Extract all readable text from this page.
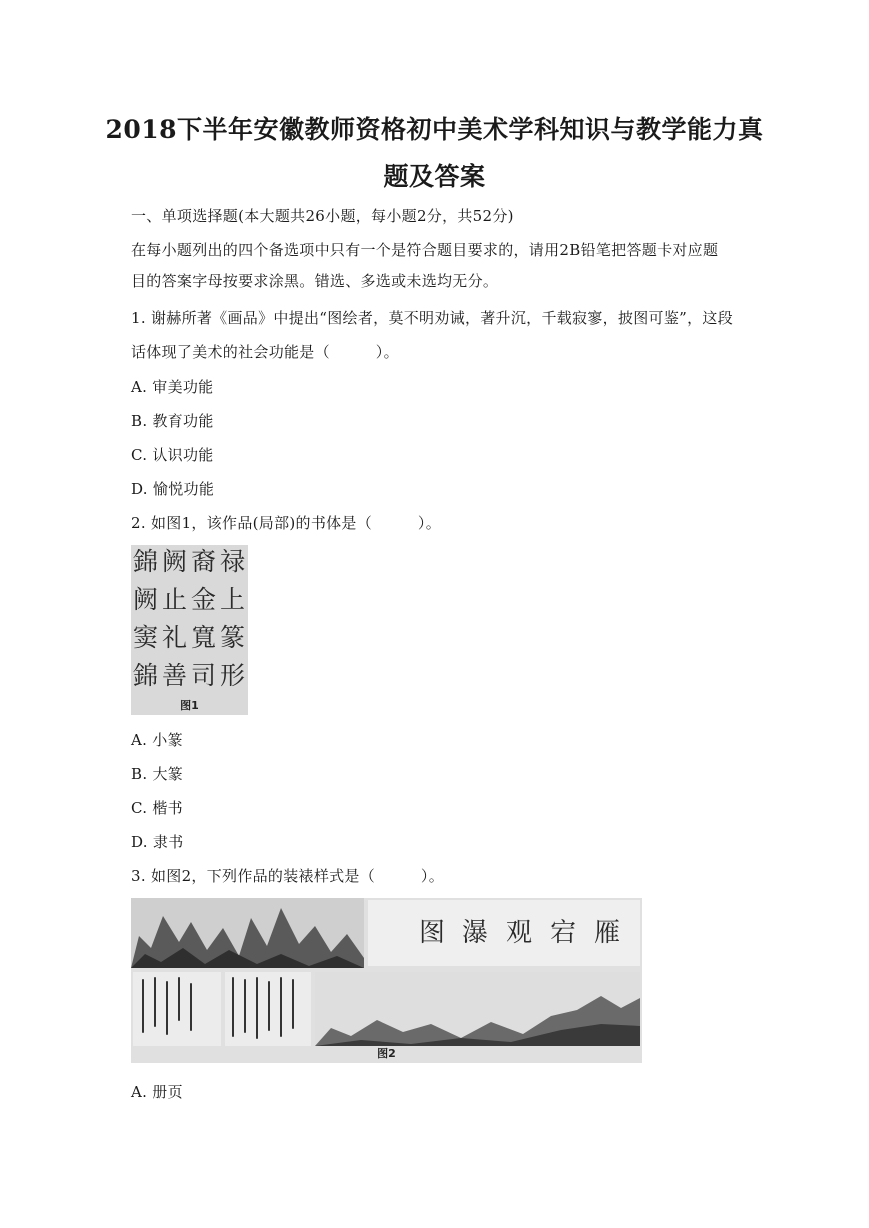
2018下半年安徽教师资格初中美术学科知识与教学能力真
题及答案
一、单项选择题(本大题共26小题，每小题2分，共52分)
在每小题列出的四个备选项中只有一个是符合题目要求的，请用2B铅笔把答题卡对应题
目的答案字母按要求涂黑。错选、多选或未选均无分。
1. 谢赫所著《画品》中提出“图绘者，莫不明劝诫，著升沉，千载寂寥，披图可鉴”，这段
话体现了美术的社会功能是（　　　）。
A. 审美功能
B. 教育功能
C. 认识功能
D. 愉悦功能
2. 如图1，该作品(局部)的书体是（　　　）。
錦 阙 裔 禄
阙 止 金 上
窦 礼 寬 篆
錦 善 司 形
图1
A. 小篆
B. 大篆
C. 楷书
D. 隶书
3. 如图2，下列作品的装裱样式是（　　　）。
图 瀑 观 宕 雁
图2
A. 册页
